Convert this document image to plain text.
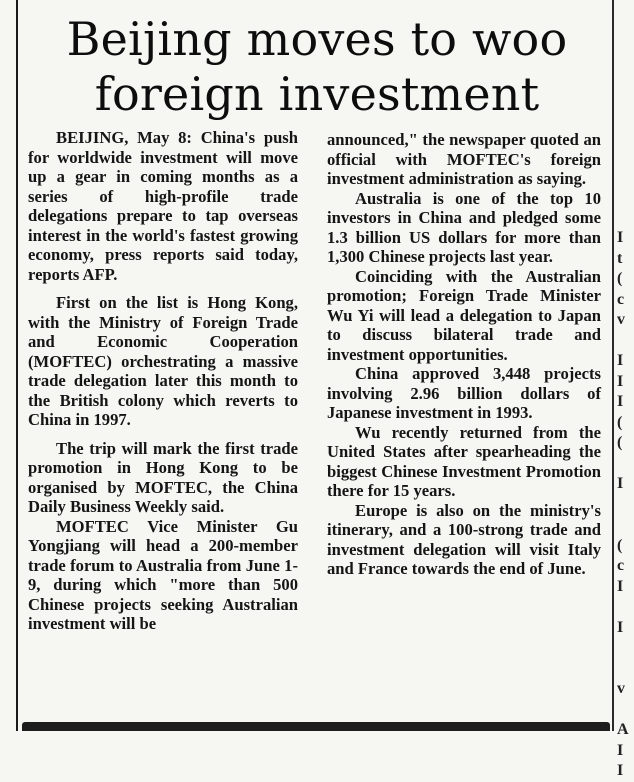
I
t
(
c
v
I
I
I
(
(
I
(
c
I
I
v
A
I
I
Beijing moves to woo foreign investment

BEIJING, May 8: China's push for worldwide investment will move up a gear in coming months as a series of high-profile trade delegations prepare to tap overseas interest in the world's fastest growing economy, press reports said today, reports AFP.

First on the list is Hong Kong, with the Ministry of Foreign Trade and Economic Cooperation (MOFTEC) orchestrating a massive trade delegation later this month to the British colony which reverts to China in 1997.

The trip will mark the first trade promotion in Hong Kong to be organised by MOFTEC, the China Daily Business Weekly said.

MOFTEC Vice Minister Gu Yongjiang will head a 200-member trade forum to Australia from June 1-9, during which "more than 500 Chinese projects seeking Australian investment will be

announced," the newspaper quoted an official with MOFTEC's foreign investment administration as saying.

Australia is one of the top 10 investors in China and pledged some 1.3 billion US dollars for more than 1,300 Chinese projects last year.

Coinciding with the Australian promotion; Foreign Trade Minister Wu Yi will lead a delegation to Japan to discuss bilateral trade and investment opportunities.

China approved 3,448 projects involving 2.96 billion dollars of Japanese investment in 1993.

Wu recently returned from the United States after spearheading the biggest Chinese Investment Promotion there for 15 years.

Europe is also on the ministry's itinerary, and a 100-strong trade and investment delegation will visit Italy and France towards the end of June.
